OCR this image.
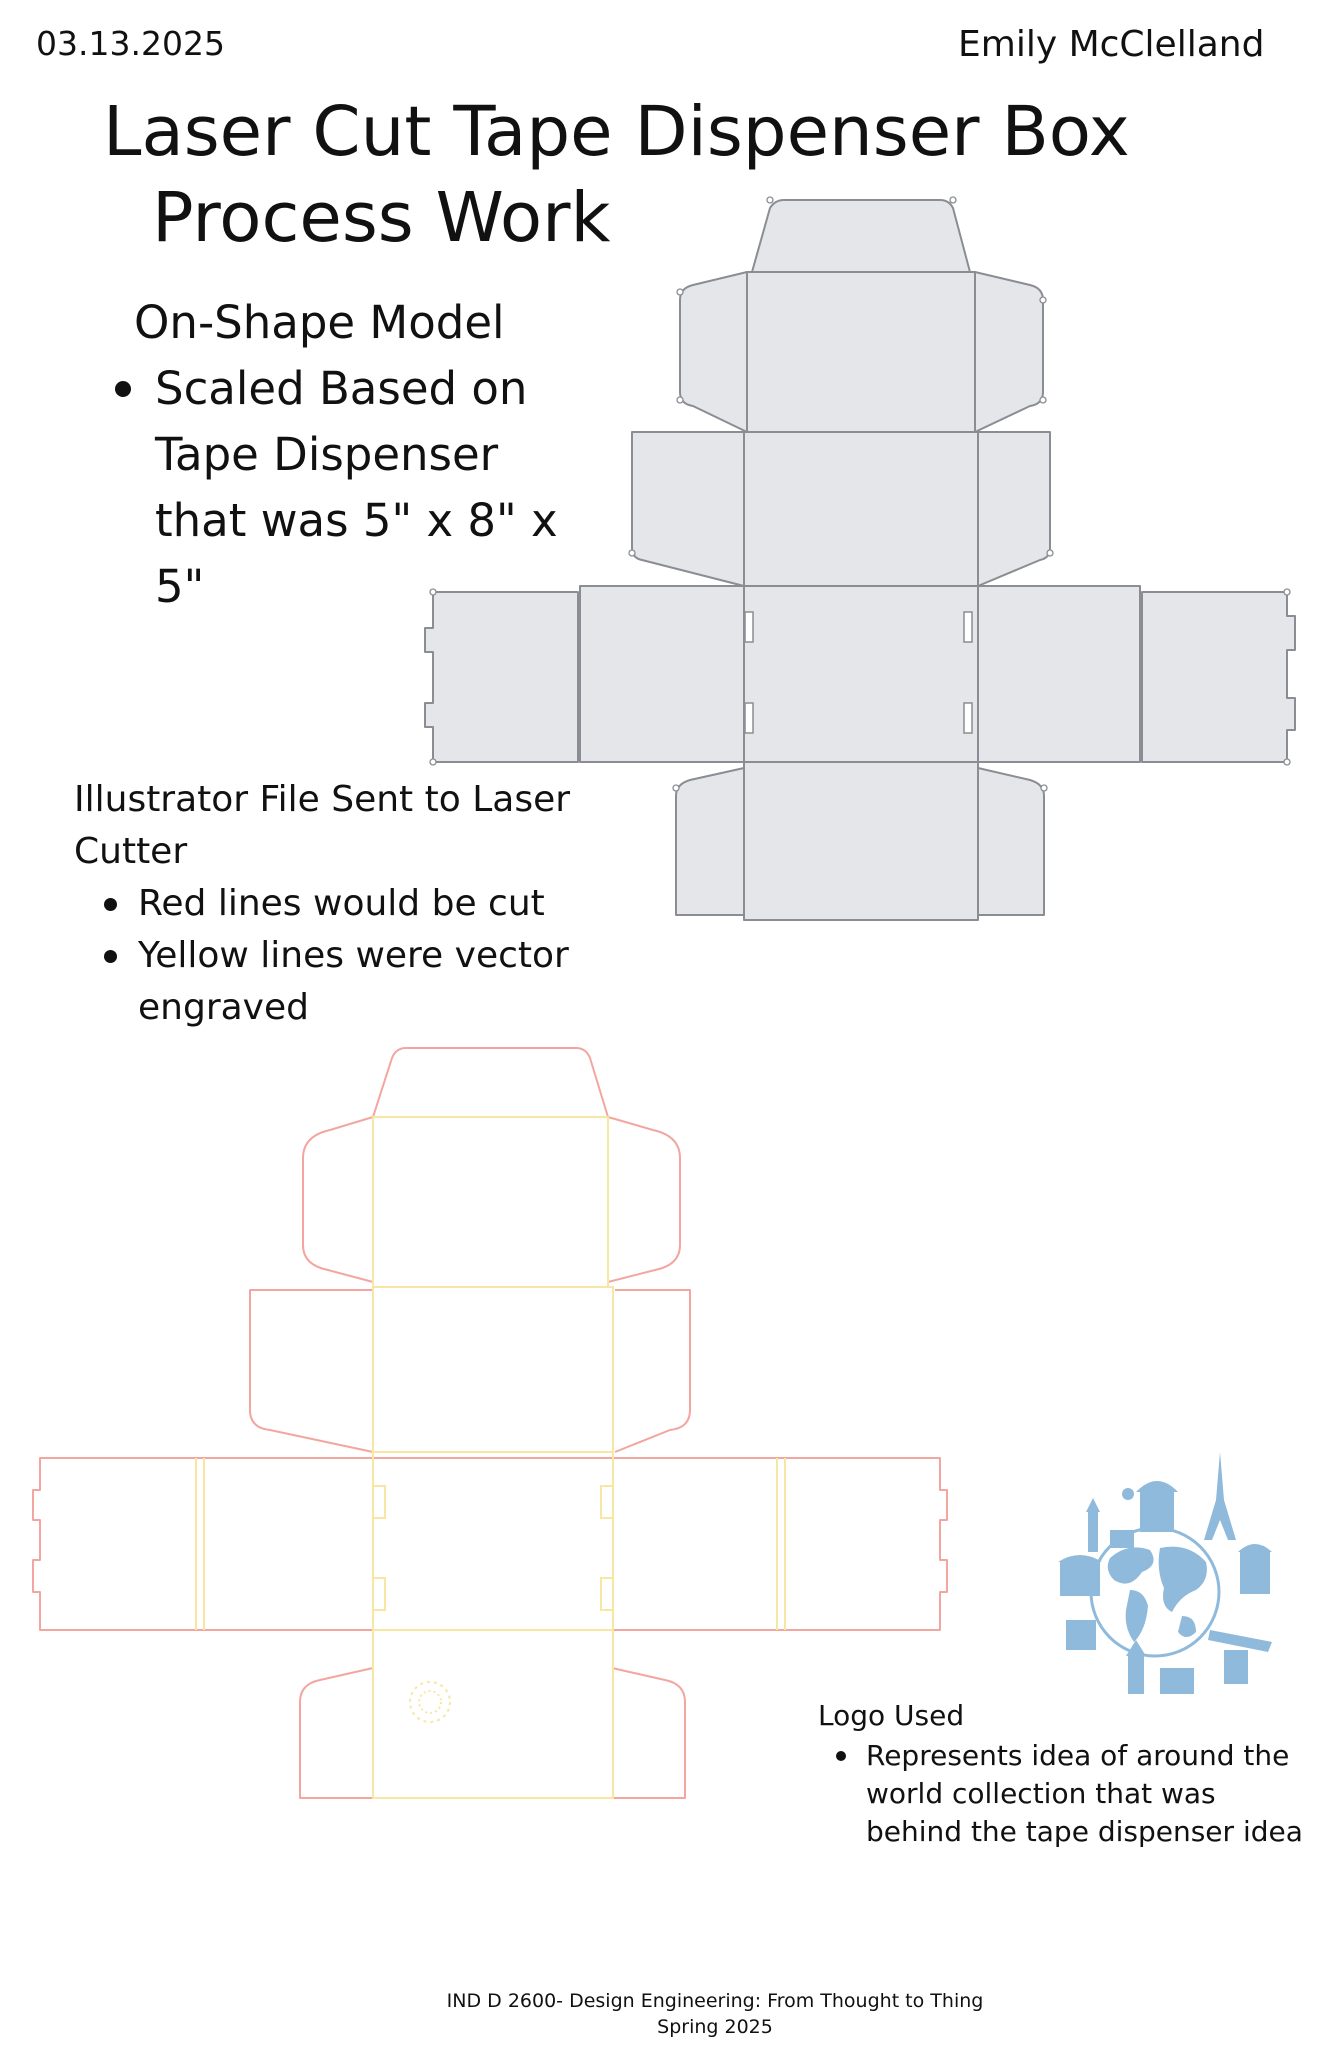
03.13.2025	Emily McClelland
Laser Cut Tape Dispenser Box
Process Work
On-Shape Model
Scaled Based on Tape Dispenser that was 5" x 8" x 5"
Illustrator File Sent to Laser Cutter
Red lines would be cut
Yellow lines were vector engraved
Logo Used
Represents idea of around the world collection that was behind the tape dispenser idea
IND D 2600- Design Engineering: From Thought to Thing
Spring 2025
